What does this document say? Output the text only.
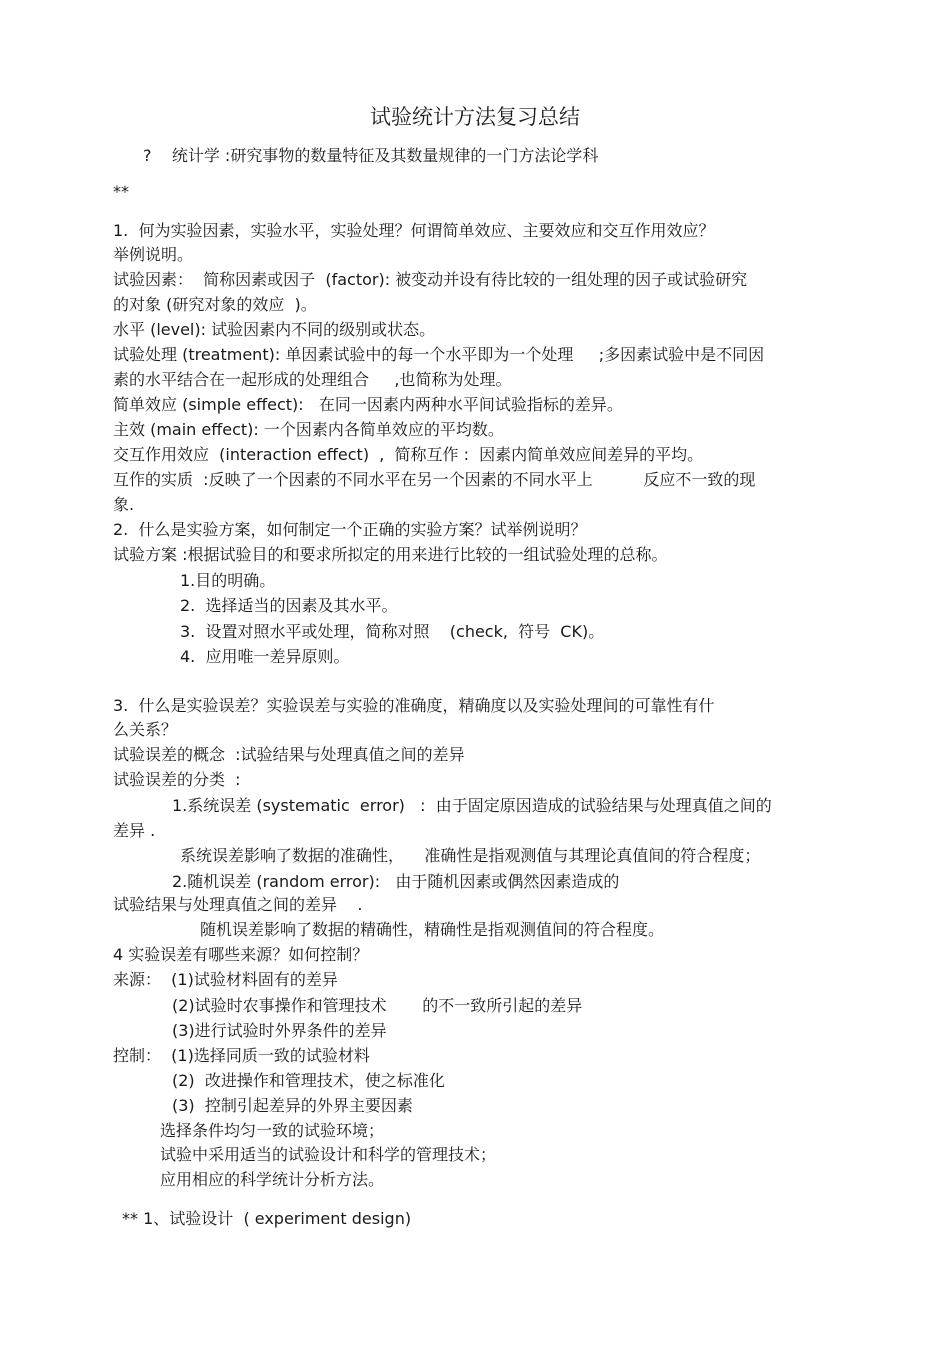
试验统计方法复习总结
?    统计学 :研究事物的数量特征及其数量规律的一门方法论学科
**
1.  何为实验因素，实验水平，实验处理？何谓简单效应、主要效应和交互作用效应？
举例说明。
试验因素：  简称因素或因子  (factor): 被变动并设有待比较的一组处理的因子或试验研究
的对象 (研究对象的效应  )。
水平 (level): 试验因素内不同的级别或状态。
试验处理 (treatment): 单因素试验中的每一个水平即为一个处理     ;多因素试验中是不同因
素的水平结合在一起形成的处理组合     ,也简称为处理。
简单效应 (simple effect):   在同一因素内两种水平间试验指标的差异。
主效 (main effect): 一个因素内各简单效应的平均数。
交互作用效应  (interaction effect)  ,  简称互作 :  因素内简单效应间差异的平均。
互作的实质  :反映了一个因素的不同水平在另一个因素的不同水平上          反应不一致的现
象.
2.  什么是实验方案，如何制定一个正确的实验方案？试举例说明？
试验方案 :根据试验目的和要求所拟定的用来进行比较的一组试验处理的总称。
1.目的明确。
2.  选择适当的因素及其水平。
3.  设置对照水平或处理，简称对照    (check,  符号  CK)。
4.  应用唯一差异原则。
3.  什么是实验误差？实验误差与实验的准确度，精确度以及实验处理间的可靠性有什
么关系？
试验误差的概念  :试验结果与处理真值之间的差异
试验误差的分类  :
1.系统误差 (systematic  error)   :  由于固定原因造成的试验结果与处理真值之间的
差异 .
系统误差影响了数据的准确性，    准确性是指观测值与其理论真值间的符合程度；
2.随机误差 (random error):   由于随机因素或偶然因素造成的
试验结果与处理真值之间的差异    .
随机误差影响了数据的精确性，精确性是指观测值间的符合程度。
4 实验误差有哪些来源？如何控制？
来源：  (1)试验材料固有的差异
(2)试验时农事操作和管理技术       的不一致所引起的差异
(3)进行试验时外界条件的差异
控制：  (1)选择同质一致的试验材料
(2)  改进操作和管理技术，使之标准化
(3)  控制引起差异的外界主要因素
选择条件均匀一致的试验环境；
试验中采用适当的试验设计和科学的管理技术；
应用相应的科学统计分析方法。
** 1、试验设计  ( experiment design)
